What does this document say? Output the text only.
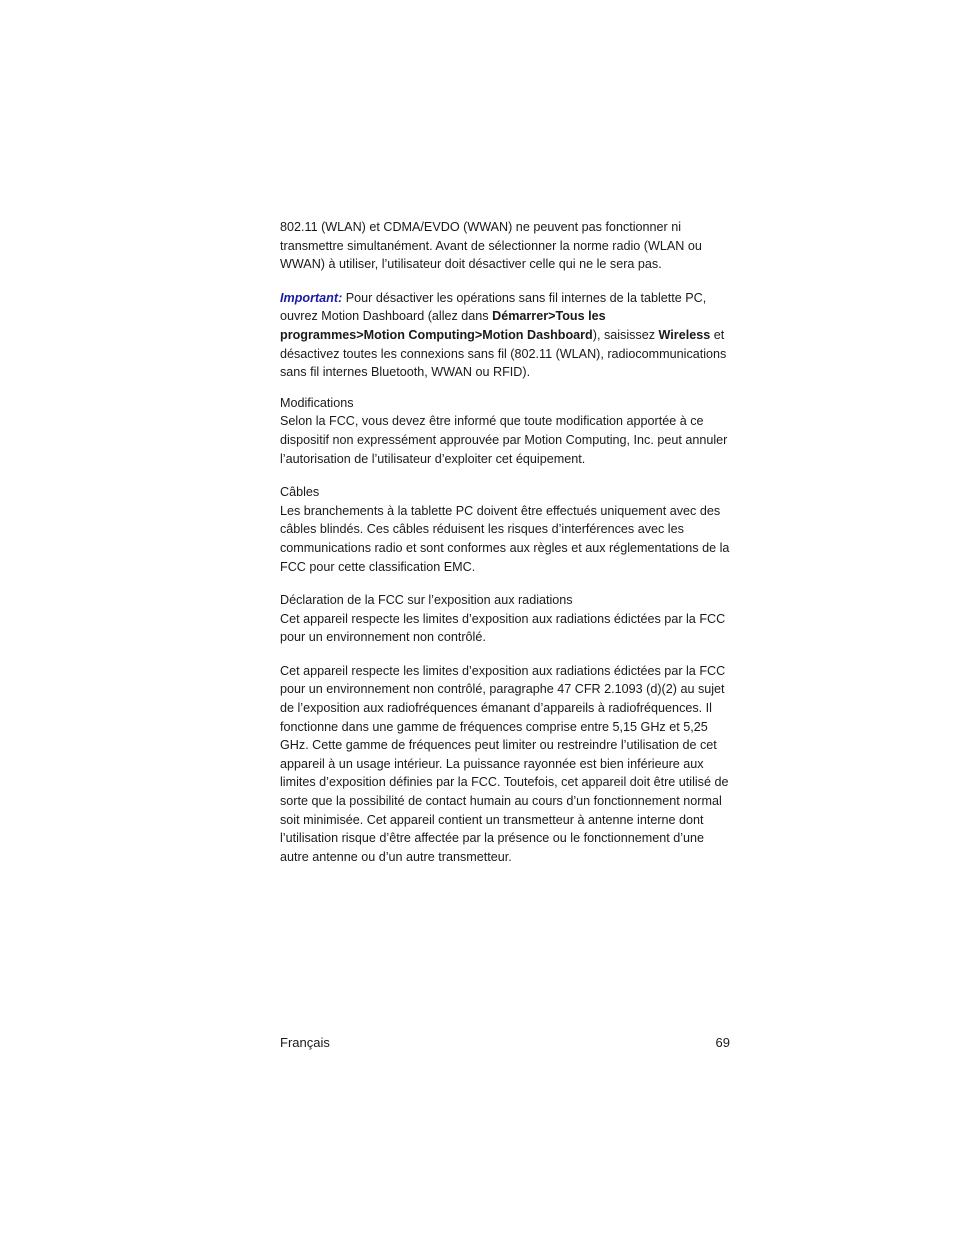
802.11 (WLAN) et CDMA/EVDO (WWAN) ne peuvent pas fonctionner ni transmettre simultanément. Avant de sélectionner la norme radio (WLAN ou WWAN) à utiliser, l’utilisateur doit désactiver celle qui ne le sera pas.

Important: Pour désactiver les opérations sans fil internes de la tablette PC, ouvrez Motion Dashboard (allez dans Démarrer>Tous les programmes>Motion Computing>Motion Dashboard), saisissez Wireless et désactivez toutes les connexions sans fil (802.11 (WLAN), radiocommunications sans fil internes Bluetooth, WWAN ou RFID).

Modifications

Selon la FCC, vous devez être informé que toute modification apportée à ce dispositif non expressément approuvée par Motion Computing, Inc. peut annuler l’autorisation de l’utilisateur d’exploiter cet équipement.

Câbles

Les branchements à la tablette PC doivent être effectués uniquement avec des câbles blindés. Ces câbles réduisent les risques d’interférences avec les communications radio et sont conformes aux règles et aux réglementations de la FCC pour cette classification EMC.

Déclaration de la FCC sur l’exposition aux radiations

Cet appareil respecte les limites d’exposition aux radiations édictées par la FCC pour un environnement non contrôlé.

Cet appareil respecte les limites d’exposition aux radiations édictées par la FCC pour un environnement non contrôlé, paragraphe 47 CFR 2.1093 (d)(2) au sujet de l’exposition aux radiofréquences émanant d’appareils à radiofréquences. Il fonctionne dans une gamme de fréquences comprise entre 5,15 GHz et 5,25 GHz. Cette gamme de fréquences peut limiter ou restreindre l’utilisation de cet appareil à un usage intérieur. La puissance rayonnée est bien inférieure aux limites d’exposition définies par la FCC. Toutefois, cet appareil doit être utilisé de sorte que la possibilité de contact humain au cours d’un fonctionnement normal soit minimisée. Cet appareil contient un transmetteur à antenne interne dont l’utilisation risque d’être affectée par la présence ou le fonctionnement d’une autre antenne ou d’un autre transmetteur.

Français	69
